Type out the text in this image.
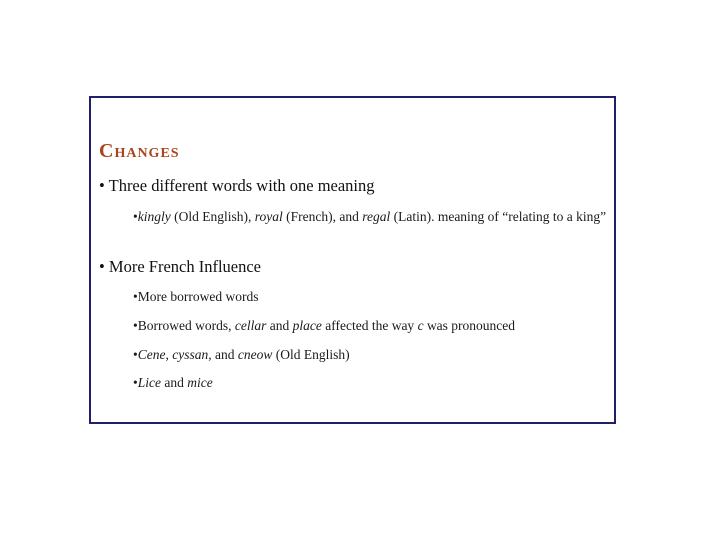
Changes
• Three different words with one meaning
•kingly (Old English), royal (French), and regal (Latin). meaning of “relating to a king”
• More French Influence
•More borrowed words
•Borrowed words, cellar and place affected the way c was pronounced
•Cene, cyssan, and cneow (Old English)
•Lice and mice
